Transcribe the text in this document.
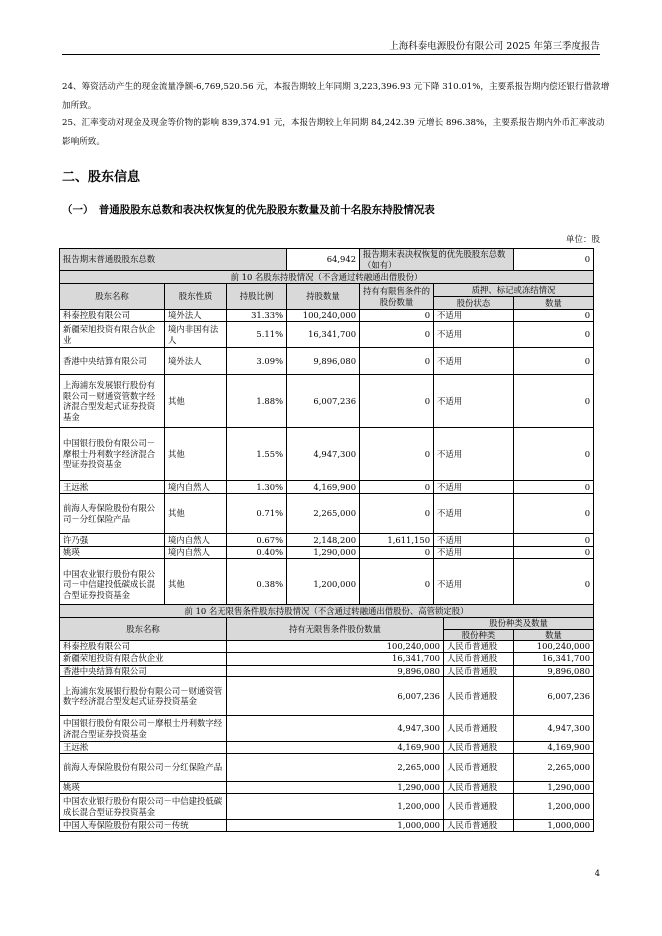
上海科泰电源股份有限公司 2025 年第三季度报告
24、筹资活动产生的现金流量净额-6,769,520.56 元，本报告期较上年同期 3,223,396.93 元下降 310.01%，主要系报告期内偿还银行借款增加所致。
25、汇率变动对现金及现金等价物的影响 839,374.91 元，本报告期较上年同期 84,242.39 元增长 896.38%，主要系报告期内外币汇率波动影响所致。
二、股东信息
（一）　普通股股东总数和表决权恢复的优先股股东数量及前十名股东持股情况表
单位：股
报告期末普通股股东总数			64,942	报告期末表决权恢复的优先股股东总数（如有）		0
前 10 名股东持股情况（不含通过转融通出借股份）						
股东名称	股东性质	持股比例	持股数量	持有有限售条件的股份数量	质押、标记或冻结情况	
					股份状态	数量
科泰控股有限公司	境外法人	31.33%	100,240,000	0	不适用	0
新疆荣旭投资有限合伙企业	境内非国有法人	5.11%	16,341,700	0	不适用	0
香港中央结算有限公司	境外法人	3.09%	9,896,080	0	不适用	0
上海浦东发展银行股份有限公司－财通资管数字经济混合型发起式证券投资基金	其他	1.88%	6,007,236	0	不适用	0
中国银行股份有限公司－摩根士丹利数字经济混合型证券投资基金	其他	1.55%	4,947,300	0	不适用	0
王远淞	境内自然人	1.30%	4,169,900	0	不适用	0
前海人寿保险股份有限公司－分红保险产品	其他	0.71%	2,265,000	0	不适用	0
许乃强	境内自然人	0.67%	2,148,200	1,611,150	不适用	0
姚瑛	境内自然人	0.40%	1,290,000	0	不适用	0
中国农业银行股份有限公司－中信建投低碳成长混合型证券投资基金	其他	0.38%	1,200,000	0	不适用	0
前 10 名无限售条件股东持股情况（不含通过转融通出借股份、高管锁定股）			
股东名称	持有无限售条件股份数量	股份种类及数量	
		股份种类	数量
科泰控股有限公司	100,240,000	人民币普通股	100,240,000
新疆荣旭投资有限合伙企业	16,341,700	人民币普通股	16,341,700
香港中央结算有限公司	9,896,080	人民币普通股	9,896,080
上海浦东发展银行股份有限公司－财通资管数字经济混合型发起式证券投资基金	6,007,236	人民币普通股	6,007,236
中国银行股份有限公司－摩根士丹利数字经济混合型证券投资基金	4,947,300	人民币普通股	4,947,300
王远淞	4,169,900	人民币普通股	4,169,900
前海人寿保险股份有限公司－分红保险产品	2,265,000	人民币普通股	2,265,000
姚瑛	1,290,000	人民币普通股	1,290,000
中国农业银行股份有限公司－中信建投低碳成长混合型证券投资基金	1,200,000	人民币普通股	1,200,000
中国人寿保险股份有限公司－传统	1,000,000	人民币普通股	1,000,000
4
